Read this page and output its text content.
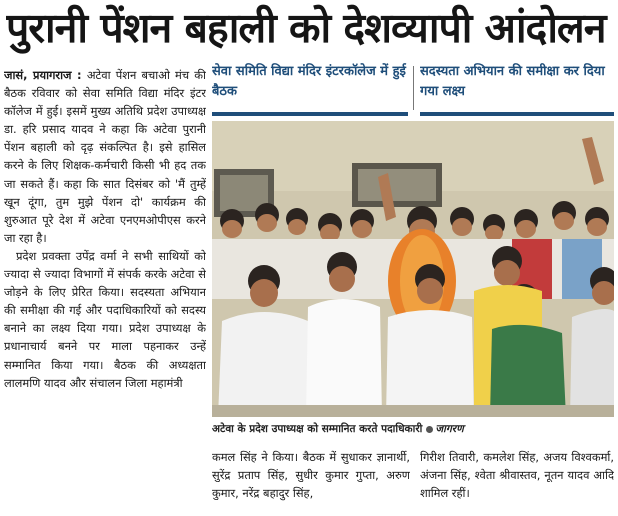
पुरानी पेंशन बहाली को देशव्यापी आंदोलन

जासं, प्रयागराज : अटेवा पेंशन बचाओ मंच की बैठक रविवार को सेवा समिति विद्या मंदिर इंटर कॉलेज में हुई। इसमें मुख्य अतिथि प्रदेश उपाध्यक्ष डा. हरि प्रसाद यादव ने कहा कि अटेवा पुरानी पेंशन बहाली को दृढ़ संकल्पित है। इसे हासिल करने के लिए शिक्षक-कर्मचारी किसी भी हद तक जा सकते हैं। कहा कि सात दिसंबर को 'मैं तुम्हें खून दूंगा, तुम मुझे पेंशन दो' कार्यक्रम की शुरुआत पूरे देश में अटेवा एनएमओपीएस करने जा रहा है।

प्रदेश प्रवक्ता उपेंद्र वर्मा ने सभी साथियों को ज्यादा से ज्यादा विभागों में संपर्क करके अटेवा से जोड़ने के लिए प्रेरित किया। सदस्यता अभियान की समीक्षा की गई और पदाधिकारियों को सदस्य बनाने का लक्ष्य दिया गया। प्रदेश उपाध्यक्ष के प्रधानाचार्य बनने पर माला पहनाकर उन्हें सम्मानित किया गया। बैठक की अध्यक्षता लालमणि यादव और संचालन जिला महामंत्री

सेवा समिति विद्या मंदिर इंटरकॉलेज में हुई बैठक
सदस्यता अभियान की समीक्षा कर दिया गया लक्ष्य
अटेवा के प्रदेश उपाध्यक्ष को सम्मानित करते पदाधिकारी जागरण
कमल सिंह ने किया। बैठक में सुधाकर ज्ञानार्थी, सुरेंद्र प्रताप सिंह, सुधीर कुमार गुप्ता, अरुण कुमार, नरेंद्र बहादुर सिंह,
गिरीश तिवारी, कमलेश सिंह, अजय विश्वकर्मा, अंजना सिंह, श्वेता श्रीवास्तव, नूतन यादव आदि शामिल रहीं।
